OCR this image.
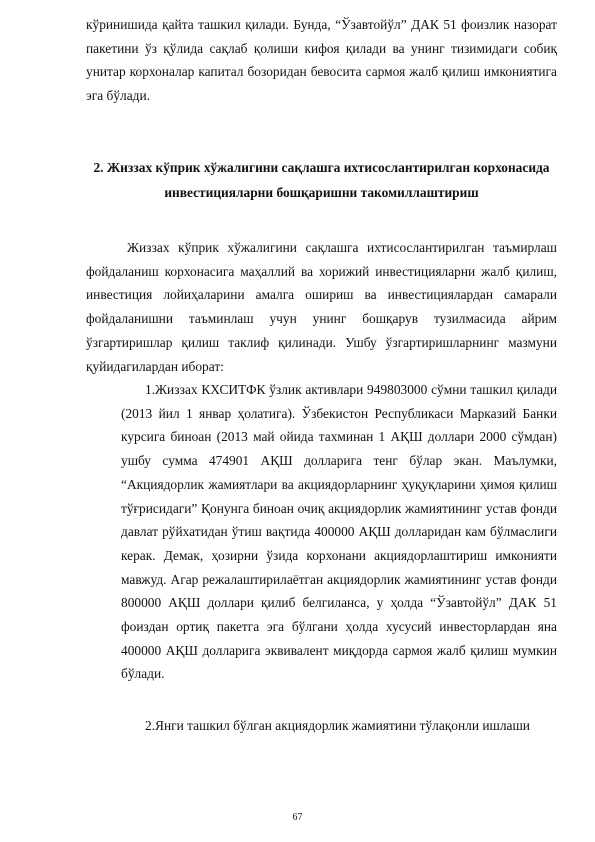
кўринишида қайта ташкил қилади. Бунда, “Ўзавтойўл” ДАК 51 фоизлик назорат пакетини ўз қўлида сақлаб қолиши кифоя қилади ва унинг тизимидаги собиқ унитар корхоналар капитал бозоридан бевосита сармоя жалб қилиш имкониятига эга бўлади.

2. Жиззах кўприк хўжалигини сақлашга ихтисослантирилган корхонасида инвестицияларни бошқаришни такомиллаштириш

Жиззах кўприк хўжалигини сақлашга ихтисослантирилган таъмирлаш фойдаланиш корхонасига маҳаллий ва хорижий инвестицияларни жалб қилиш, инвестиция лойиҳаларини амалга ошириш ва инвестициялардан самарали фойдаланишни таъминлаш учун унинг бошқарув тузилмасида айрим ўзгартиришлар қилиш таклиф қилинади. Ушбу ўзгартиришларнинг мазмуни қуйидагилардан иборат:

1.Жиззах КХСИТФК ўзлик активлари 949803000 сўмни ташкил қилади (2013 йил 1 январ ҳолатига). Ўзбекистон Республикаси Марказий Банки курсига биноан (2013 май ойида тахминан 1 АҚШ доллари 2000 сўмдан) ушбу сумма 474901 АҚШ долларига тенг бўлар экан. Маълумки, “Акциядорлик жамиятлари ва акциядорларнинг ҳуқуқларини ҳимоя қилиш тўғрисидаги” Қонунга биноан очиқ акциядорлик жамиятининг устав фонди давлат рўйхатидан ўтиш вақтида 400000 АҚШ долларидан кам бўлмаслиги керак. Демак, ҳозирни ўзида корхонани акциядорлаштириш имконияти мавжуд. Агар режалаштирилаётган акциядорлик жамиятининг устав фонди 800000 АҚШ доллари қилиб белгиланса, у ҳолда “Ўзавтойўл” ДАК 51 фоиздан ортиқ пакетга эга бўлгани ҳолда хусусий инвесторлардан яна 400000 АҚШ долларига эквивалент миқдорда сармоя жалб қилиш мумкин бўлади.

2.Янги ташкил бўлган акциядорлик жамиятини тўлақонли ишлаши

67
